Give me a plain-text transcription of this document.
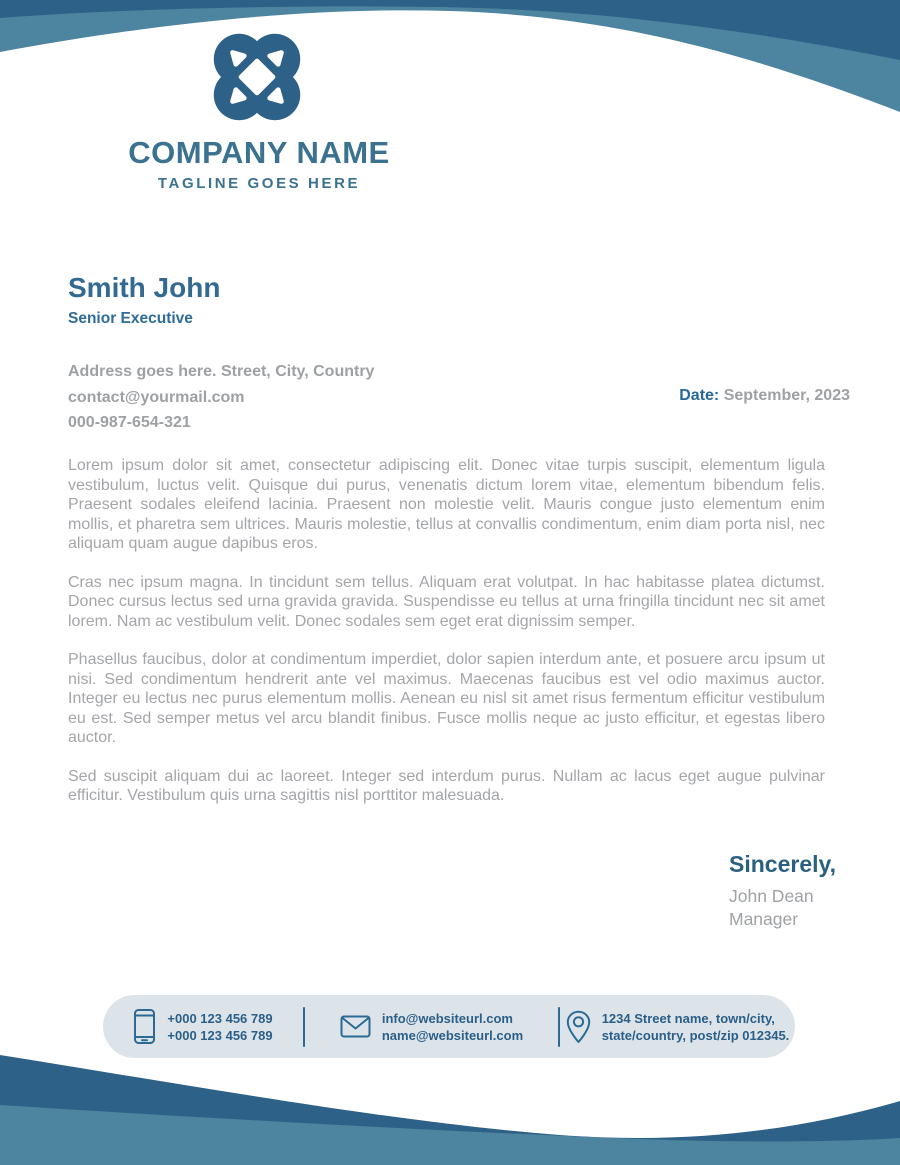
COMPANY NAME
TAGLINE GOES HERE
Smith John
Senior Executive
Address goes here. Street, City, Country
contact@yourmail.com
000-987-654-321
Date: September, 2023

Lorem ipsum dolor sit amet, consectetur adipiscing elit. Donec vitae turpis suscipit, elementum ligula vestibulum, luctus velit. Quisque dui purus, venenatis dictum lorem vitae, elementum bibendum felis. Praesent sodales eleifend lacinia. Praesent non molestie velit. Mauris congue justo elementum enim mollis, et pharetra sem ultrices. Mauris molestie, tellus at convallis condimentum, enim diam porta nisl, nec aliquam quam augue dapibus eros.

Cras nec ipsum magna. In tincidunt sem tellus. Aliquam erat volutpat. In hac habitasse platea dictumst. Donec cursus lectus sed urna gravida gravida. Suspendisse eu tellus at urna fringilla tincidunt nec sit amet lorem. Nam ac vestibulum velit. Donec sodales sem eget erat dignissim semper.

Phasellus faucibus, dolor at condimentum imperdiet, dolor sapien interdum ante, et posuere arcu ipsum ut nisi. Sed condimentum hendrerit ante vel maximus. Maecenas faucibus est vel odio maximus auctor. Integer eu lectus nec purus elementum mollis. Aenean eu nisl sit amet risus fermentum efficitur vestibulum eu est. Sed semper metus vel arcu blandit finibus. Fusce mollis neque ac justo efficitur, et egestas libero auctor.

Sed suscipit aliquam dui ac laoreet. Integer sed interdum purus. Nullam ac lacus eget augue pulvinar efficitur. Vestibulum quis urna sagittis nisl porttitor malesuada.

Sincerely,
John Dean
Manager
+000 123 456 789
+000 123 456 789
info@websiteurl.com
name@websiteurl.com
1234 Street name, town/city,
state/country, post/zip 012345.
